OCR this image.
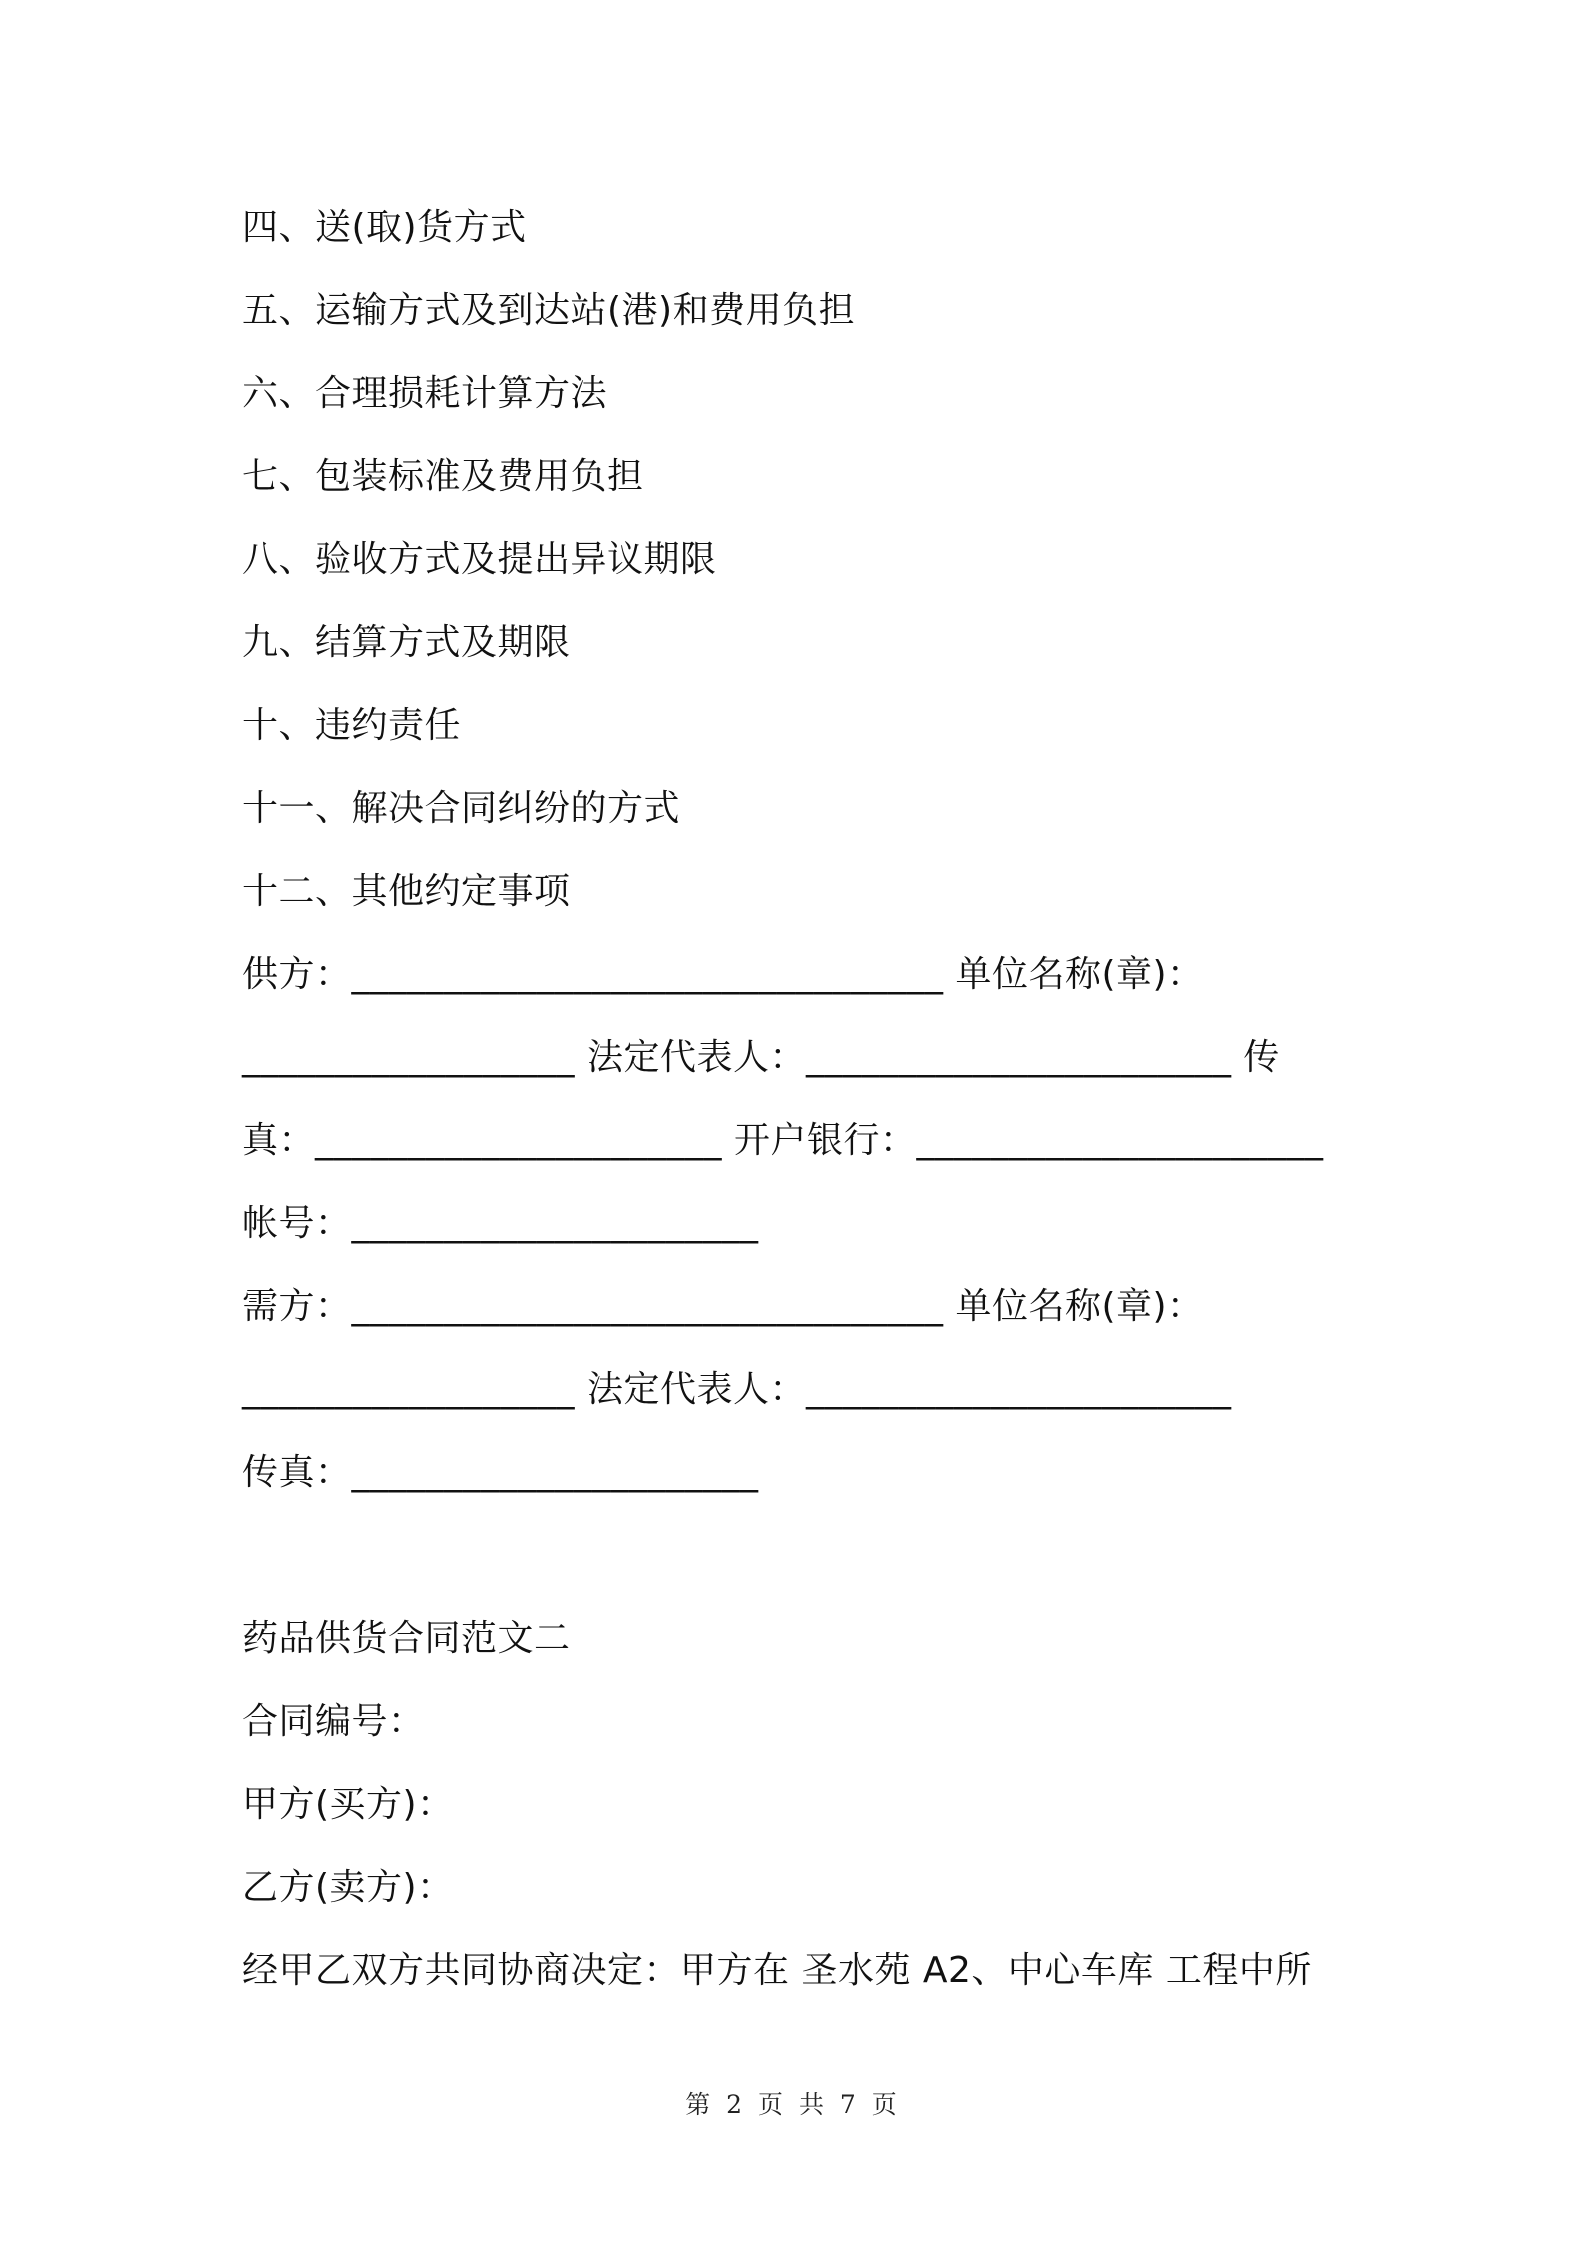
四、送(取)货方式
五、运输方式及到达站(港)和费用负担
六、合理损耗计算方法
七、包装标准及费用负担
八、验收方式及提出异议期限
九、结算方式及期限
十、违约责任
十一、解决合同纠纷的方式
十二、其他约定事项
供方：________________________________ 单位名称(章)：
__________________ 法定代表人：_______________________ 传
真：______________________ 开户银行：______________________
帐号：______________________
需方：________________________________ 单位名称(章)：
__________________ 法定代表人：_______________________
传真：______________________
药品供货合同范文二
合同编号：
甲方(买方)：
乙方(卖方)：
经甲乙双方共同协商决定：甲方在 圣水苑 A2、中心车库 工程中所
第 2 页 共 7 页
